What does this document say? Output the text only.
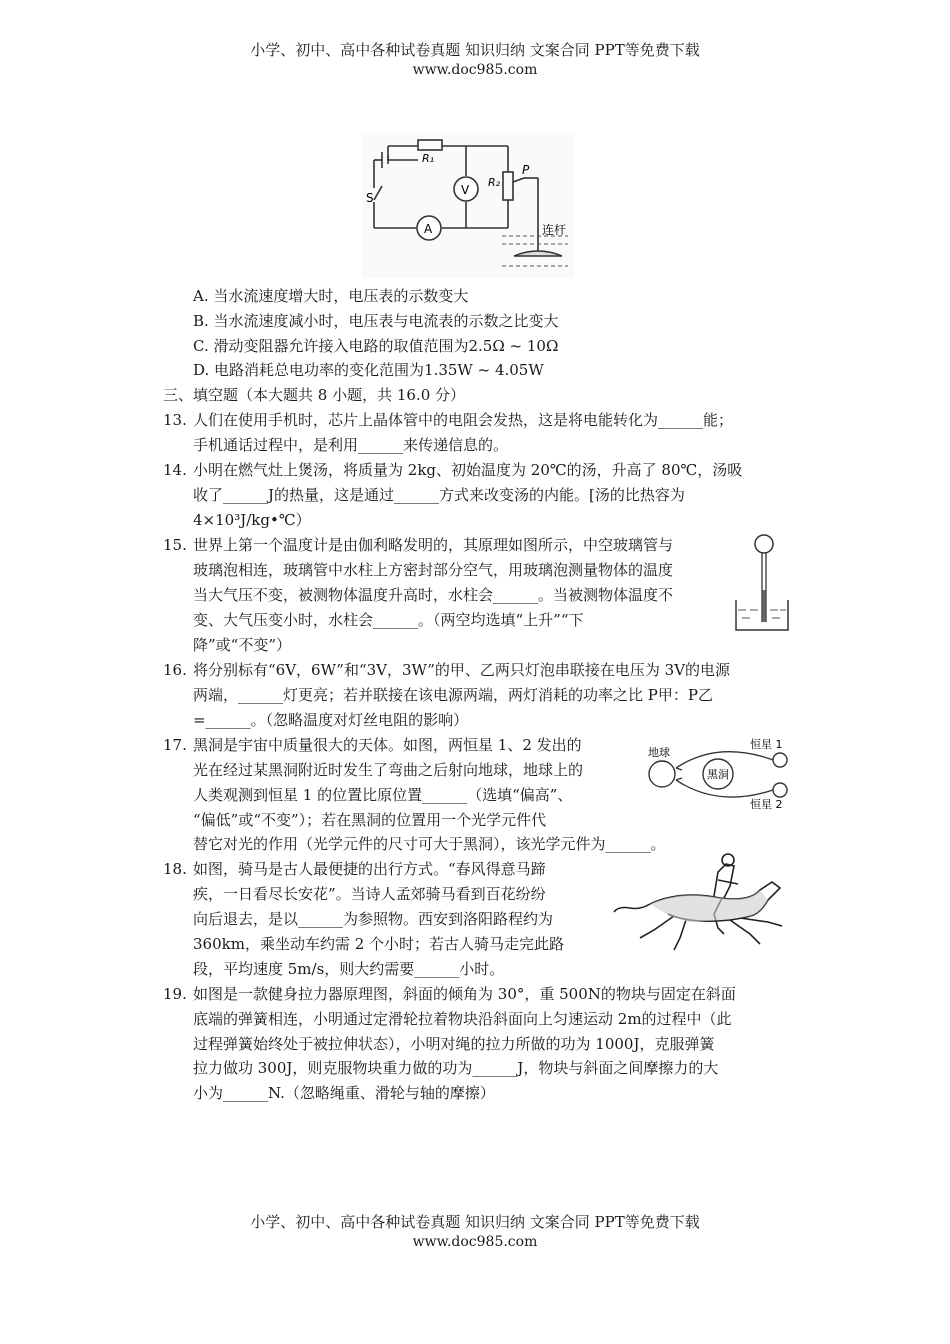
小学、初中、高中各种试卷真题 知识归纳 文案合同 PPT等免费下载
www.doc985.com
R₁
R₂
P
S
V
A	连杆
A. 当水流速度增大时，电压表的示数变大
B. 当水流速度减小时，电压表与电流表的示数之比变大
C. 滑动变阻器允许接入电路的取值范围为2.5Ω ~ 10Ω
D. 电路消耗总电功率的变化范围为1.35W ~ 4.05W
三、填空题（本大题共 8 小题，共 16.0 分）
13. 人们在使用手机时，芯片上晶体管中的电阻会发热，这是将电能转化为______能；
手机通话过程中，是利用______来传递信息的。
14. 小明在燃气灶上煲汤，将质量为 2kg、初始温度为 20℃的汤，升高了 80℃，汤吸
收了______J的热量，这是通过______方式来改变汤的内能。[汤的比热容为
4×10³J/kg•℃）
15. 世界上第一个温度计是由伽利略发明的，其原理如图所示，中空玻璃管与
玻璃泡相连，玻璃管中水柱上方密封部分空气，用玻璃泡测量物体的温度
当大气压不变，被测物体温度升高时，水柱会______。当被测物体温度不
变、大气压变小时，水柱会______。（两空均选填“上升”“下
降”或“不变”）
16. 将分别标有“6V，6W”和“3V，3W”的甲、乙两只灯泡串联接在电压为 3V的电源
两端，______灯更亮；若并联接在该电源两端，两灯消耗的功率之比 P甲：P乙
=______。（忽略温度对灯丝电阻的影响）
17. 黑洞是宇宙中质量很大的天体。如图，两恒星 1、2 发出的
光在经过某黑洞附近时发生了弯曲之后射向地球，地球上的
人类观测到恒星 1 的位置比原位置______（选填“偏高”、
“偏低”或“不变”）；若在黑洞的位置用一个光学元件代
替它对光的作用（光学元件的尺寸可大于黑洞），该光学元件为______。
地球
黑洞
恒星 1
恒星 2
18. 如图，骑马是古人最便捷的出行方式。“春风得意马蹄
疾，一日看尽长安花”。当诗人孟郊骑马看到百花纷纷
向后退去，是以______为参照物。西安到洛阳路程约为
360km，乘坐动车约需 2 个小时；若古人骑马走完此路
段，平均速度 5m/s，则大约需要______小时。
19. 如图是一款健身拉力器原理图，斜面的倾角为 30°，重 500N的物块与固定在斜面
底端的弹簧相连，小明通过定滑轮拉着物块沿斜面向上匀速运动 2m的过程中（此
过程弹簧始终处于被拉伸状态），小明对绳的拉力所做的功为 1000J，克服弹簧
拉力做功 300J，则克服物块重力做的功为______J，物块与斜面之间摩擦力的大
小为______N.（忽略绳重、滑轮与轴的摩擦）
小学、初中、高中各种试卷真题 知识归纳 文案合同 PPT等免费下载
www.doc985.com
